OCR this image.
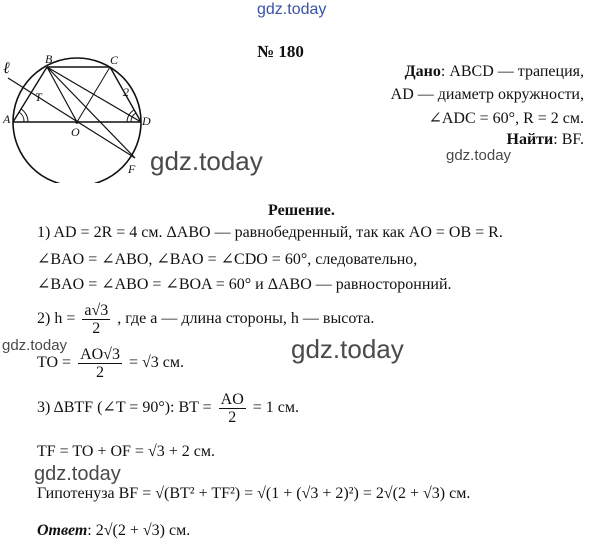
gdz.today
gdz.today	gdz.today
gdz.today
gdz.today
gdz.today
№ 180
ℓ
B	C
2
T
A
O
D
F
Дано: ABCD — трапеция,
AD — диаметр окружности,
∠ADC = 60°, R = 2 см.
Найти: BF.
Решение.
1) AD = 2R = 4 см. ΔABO — равнобедренный, так как AO = OB = R.
∠BAO = ∠ABO, ∠BAO = ∠CDO = 60°, следовательно,
∠BAO = ∠ABO = ∠BOA = 60° и ΔABO — равносторонний.
2) $h = \frac{a√3}{2}$ , где a — длина стороны, h — высота.
TO = $\frac{AO√3}{2} = √3$ см.
3) ΔBTF (∠T = 90°): BT = $\frac{AO}{2} = 1$ см.
TF = TO + OF = √3 + 2 см.
Гипотенуза BF = √(BT² + TF²) = √(1 + (√3 + 2)²) = 2√(2 + √3) см.
Ответ: 2√(2 + √3) см.
